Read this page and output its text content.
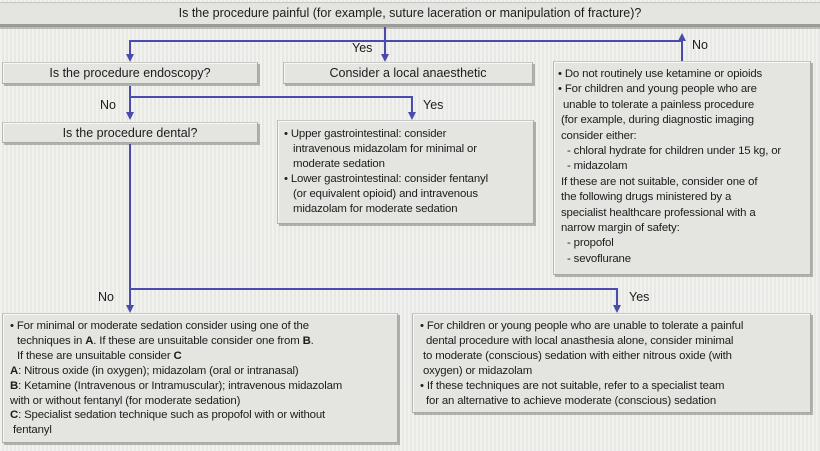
Is the procedure painful (for example, suture laceration or manipulation of fracture)?
Yes	No
Is the procedure endoscopy?	Consider a local anaesthetic	• Do not routinely use ketamine or opioids
• For children and young people who are
unable to tolerate a painless procedure
(for example, during diagnostic imaging
consider either:
- chloral hydrate for children under 15 kg, or
- midazolam
If these are not suitable, consider one of
the following drugs ministered by a
specialist healthcare professional with a
narrow margin of safety:
- propofol
- sevoflurane
No	Yes
Is the procedure dental?	• Upper gastrointestinal: consider
intravenous midazolam for minimal or
moderate sedation
• Lower gastrointestinal: consider fentanyl
(or equivalent opioid) and intravenous
midazolam for moderate sedation
No	Yes
• For minimal or moderate sedation consider using one of the
techniques in A. If these are unsuitable consider one from B.
If these are unsuitable consider C
A: Nitrous oxide (in oxygen); midazolam (oral or intranasal)
B: Ketamine (Intravenous or Intramuscular); intravenous midazolam
with or without fentanyl (for moderate sedation)
C: Specialist sedation technique such as propofol with or without
fentanyl
• For children or young people who are unable to tolerate a painful
dental procedure with local anasthesia alone, consider minimal
to moderate (conscious) sedation with either nitrous oxide (with
oxygen) or midazolam
• If these techniques are not suitable, refer to a specialist team
for an alternative to achieve moderate (conscious) sedation
